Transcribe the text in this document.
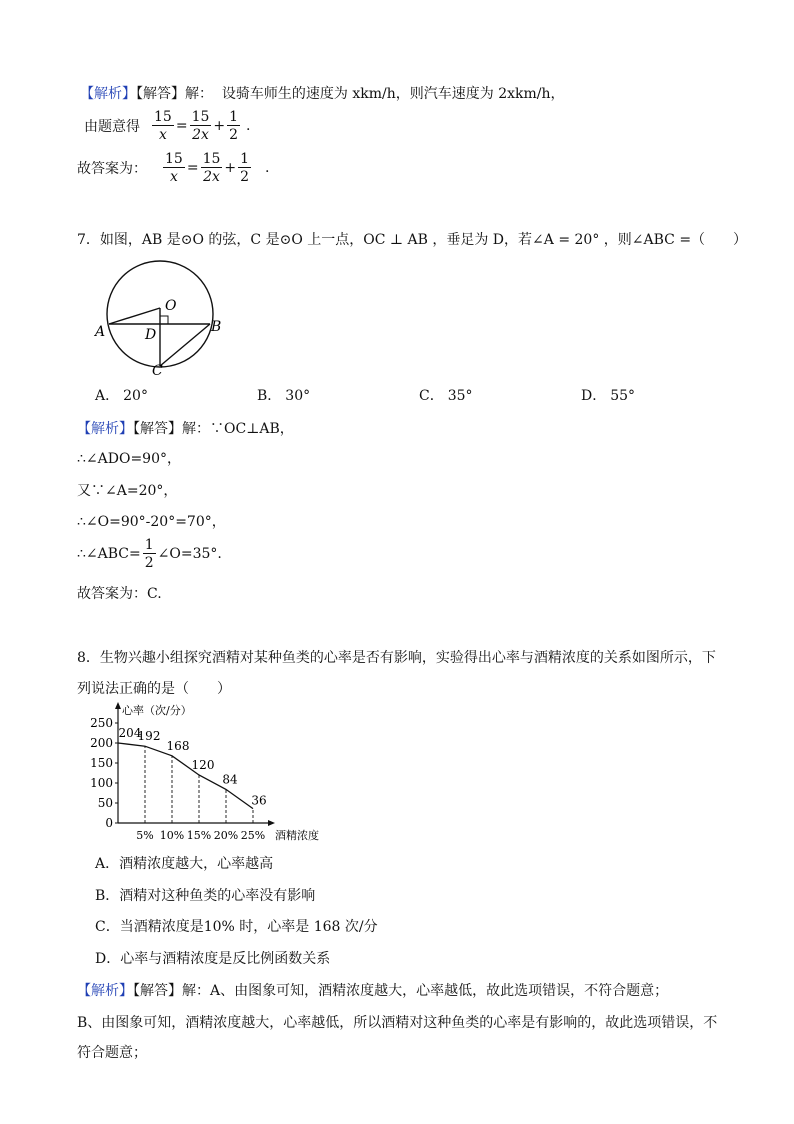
【解析】【解答】解： 设骑车师生的速度为 xkm/h，则汽车速度为 2xkm/h，
由题意得 $\frac{15}{x} = \frac{15}{2x} + \frac{1}{2}$ .
故答案为： $\frac{15}{x} = \frac{15}{2x} + \frac{1}{2}$ .
7．如图，AB 是⊙O 的弦，C 是⊙O 上一点，OC ⊥ AB ，垂足为 D，若∠A = 20° ，则∠ABC =（　　）
O
A	B
D
C
A． 20°	B． 30°	C． 35°	D． 55°
【解析】【解答】解：∵OC⊥AB，
∴∠ADO=90°，
又∵∠A=20°，
∴∠O=90°-20°=70°，
∴∠ABC= $\frac{1}{2}$ ∠O=35°.
故答案为：C.
8．生物兴趣小组探究酒精对某种鱼类的心率是否有影响，实验得出心率与酒精浓度的关系如图所示，下
列说法正确的是（　　）
0
50
100
150
200
250
5% 10% 15% 20% 25%
204
192
168
120
84
36
心率（次/分）
酒精浓度
A．酒精浓度越大，心率越高
B．酒精对这种鱼类的心率没有影响
C．当酒精浓度是10% 时，心率是 168 次/分
D．心率与酒精浓度是反比例函数关系
【解析】【解答】解：A、由图象可知，酒精浓度越大，心率越低，故此选项错误，不符合题意；
B、由图象可知，酒精浓度越大，心率越低，所以酒精对这种鱼类的心率是有影响的，故此选项错误，不
符合题意；
